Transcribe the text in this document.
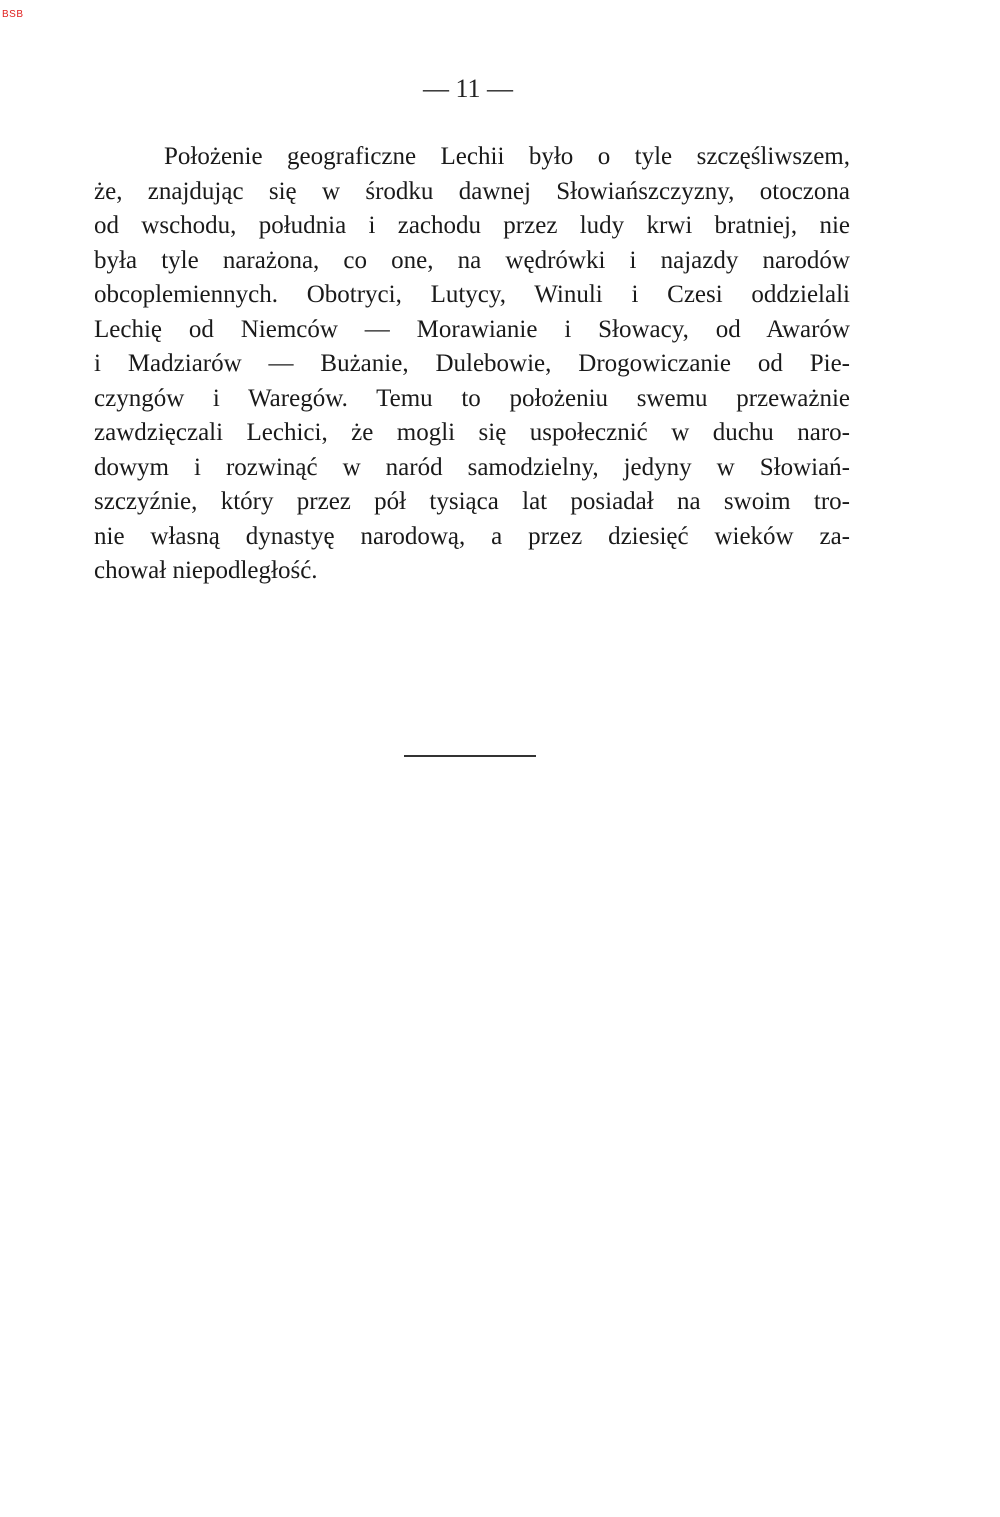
BSB
— 11 —
Położenie geograficzne Lechii było o tyle szczęśliwszem,
że, znajdując się w środku dawnej Słowiańszczyzny, otoczona
od wschodu, południa i zachodu przez ludy krwi bratniej, nie
była tyle narażona, co one, na wędrówki i najazdy narodów
obcoplemiennych. Obotryci, Lutycy, Winuli i Czesi oddzielali
Lechię od Niemców — Morawianie i Słowacy, od Awarów
i Madziarów — Bużanie, Dulebowie, Drogowiczanie od Pie-
czyngów i Waregów. Temu to położeniu swemu przeważnie
zawdzięczali Lechici, że mogli się uspołecznić w duchu naro-
dowym i rozwinąć w naród samodzielny, jedyny w Słowiań-
szczyźnie, który przez pół tysiąca lat posiadał na swoim tro-
nie własną dynastyę narodową, a przez dziesięć wieków za-
chował niepodległość.
